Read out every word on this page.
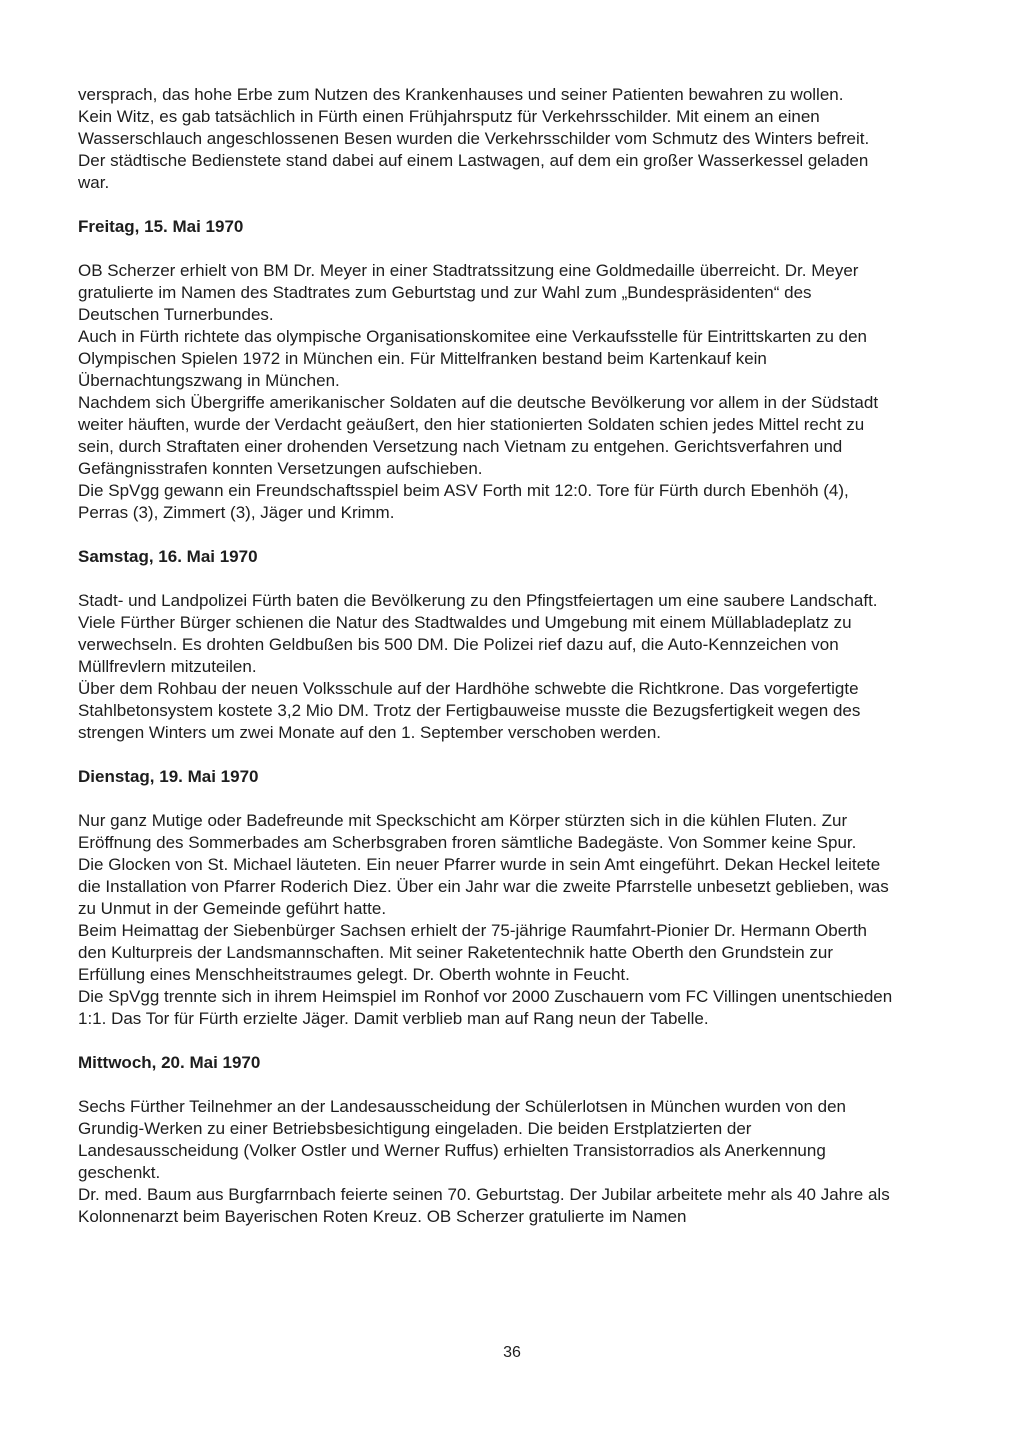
versprach, das hohe Erbe zum Nutzen des Krankenhauses und seiner Patienten bewahren zu wollen.

Kein Witz, es gab tatsächlich in Fürth einen Frühjahrsputz für Verkehrsschilder. Mit einem an einen Wasserschlauch angeschlossenen Besen wurden die Verkehrsschilder vom Schmutz des Winters befreit. Der städtische Bedienstete stand dabei auf einem Lastwagen, auf dem ein großer Wasserkessel geladen war.

Freitag, 15. Mai 1970

OB Scherzer erhielt von BM Dr. Meyer in einer Stadtratssitzung eine Goldmedaille überreicht. Dr. Meyer gratulierte im Namen des Stadtrates zum Geburtstag und zur Wahl zum „Bundespräsidenten“ des Deutschen Turnerbundes.

Auch in Fürth richtete das olympische Organisationskomitee eine Verkaufsstelle für Eintrittskarten zu den Olympischen Spielen 1972 in München ein. Für Mittelfranken bestand beim Kartenkauf kein Übernachtungszwang in München.

Nachdem sich Übergriffe amerikanischer Soldaten auf die deutsche Bevölkerung vor allem in der Südstadt weiter häuften, wurde der Verdacht geäußert, den hier stationierten Soldaten schien jedes Mittel recht zu sein, durch Straftaten einer drohenden Versetzung nach Vietnam zu entgehen. Gerichtsverfahren und Gefängnisstrafen konnten Versetzungen aufschieben.

Die SpVgg gewann ein Freundschaftsspiel beim ASV Forth mit 12:0. Tore für Fürth durch Ebenhöh (4), Perras (3), Zimmert (3), Jäger und Krimm.

Samstag, 16. Mai 1970

Stadt- und Landpolizei Fürth baten die Bevölkerung zu den Pfingstfeiertagen um eine saubere Landschaft. Viele Fürther Bürger schienen die Natur des Stadtwaldes und Umgebung mit einem Müllabladeplatz zu verwechseln. Es drohten Geldbußen bis 500 DM. Die Polizei rief dazu auf, die Auto-Kennzeichen von Müllfrevlern mitzuteilen.

Über dem Rohbau der neuen Volksschule auf der Hardhöhe schwebte die Richtkrone. Das vorgefertigte Stahlbetonsystem kostete 3,2 Mio DM. Trotz der Fertigbauweise musste die Bezugsfertigkeit wegen des strengen Winters um zwei Monate auf den 1. September verschoben werden.

Dienstag, 19. Mai 1970

Nur ganz Mutige oder Badefreunde mit Speckschicht am Körper stürzten sich in die kühlen Fluten. Zur Eröffnung des Sommerbades am Scherbsgraben froren sämtliche Badegäste. Von Sommer keine Spur.

Die Glocken von St. Michael läuteten. Ein neuer Pfarrer wurde in sein Amt eingeführt. Dekan Heckel leitete die Installation von Pfarrer Roderich Diez. Über ein Jahr war die zweite Pfarrstelle unbesetzt geblieben, was zu Unmut in der Gemeinde geführt hatte.

Beim Heimattag der Siebenbürger Sachsen erhielt der 75-jährige Raumfahrt-Pionier Dr. Hermann Oberth den Kulturpreis der Landsmannschaften. Mit seiner Raketentechnik hatte Oberth den Grundstein zur Erfüllung eines Menschheitstraumes gelegt. Dr. Oberth wohnte in Feucht.

Die SpVgg trennte sich in ihrem Heimspiel im Ronhof vor 2000 Zuschauern vom FC Villingen unentschieden 1:1. Das Tor für Fürth erzielte Jäger. Damit verblieb man auf Rang neun der Tabelle.

Mittwoch, 20. Mai 1970

Sechs Fürther Teilnehmer an der Landesausscheidung der Schülerlotsen in München wurden von den Grundig-Werken zu einer Betriebsbesichtigung eingeladen. Die beiden Erstplatzierten der Landesausscheidung (Volker Ostler und Werner Ruffus) erhielten Transistorradios als Anerkennung geschenkt.

Dr. med. Baum aus Burgfarrnbach feierte seinen 70. Geburtstag. Der Jubilar arbeitete mehr als 40 Jahre als Kolonnenarzt beim Bayerischen Roten Kreuz. OB Scherzer gratulierte im Namen

36
